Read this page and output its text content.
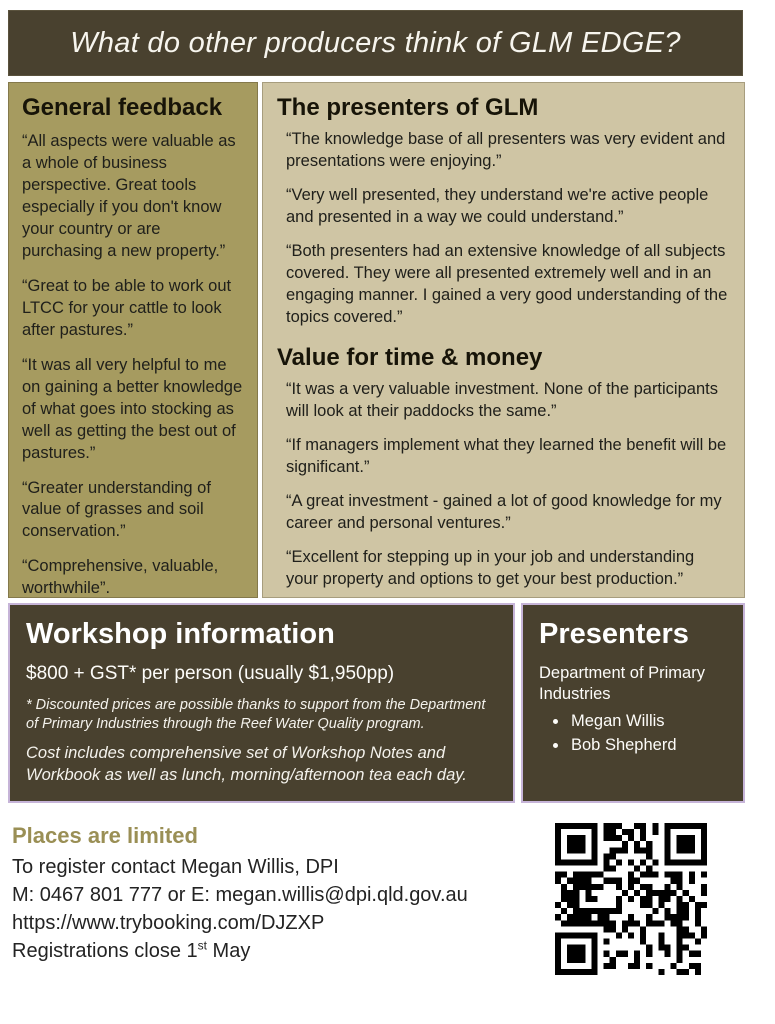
What do other producers think of GLM EDGE?
General feedback

“All aspects were valuable as a whole of business perspective. Great tools especially if you don't know your country or are purchasing a new property.”

“Great to be able to work out LTCC for your cattle to look after pastures.”

“It was all very helpful to me on gaining a better knowledge of what goes into stocking as well as getting the best out of pastures.”

“Greater understanding of value of grasses and soil conservation.”

“Comprehensive, valuable, worthwhile”.

The presenters of GLM

“The knowledge base of all presenters was very evident and presentations were enjoying.”

“Very well presented, they understand we're active people and presented in a way we could understand.”

“Both presenters had an extensive knowledge of all subjects covered. They were all presented extremely well and in an engaging manner. I gained a very good understanding of the topics covered.”

Value for time & money

“It was a very valuable investment. None of the participants will look at their paddocks the same.”

“If managers implement what they learned the benefit will be significant.”

“A great investment - gained a lot of good knowledge for my career and personal ventures.”

“Excellent for stepping up in your job and understanding your property and options to get your best production.”

Workshop information

$800 + GST* per person (usually $1,950pp)

* Discounted prices are possible thanks to support from the Department of Primary Industries through the Reef Water Quality program.

Cost includes comprehensive set of Workshop Notes and Workbook as well as lunch, morning/afternoon tea each day.

Presenters

Department of Primary Industries

• Megan Willis
• Bob Shepherd
Places are limited

To register contact Megan Willis, DPI

M: 0467 801 777 or E: megan.willis@dpi.qld.gov.au

https://www.trybooking.com/DJZXP

Registrations close 1st May
